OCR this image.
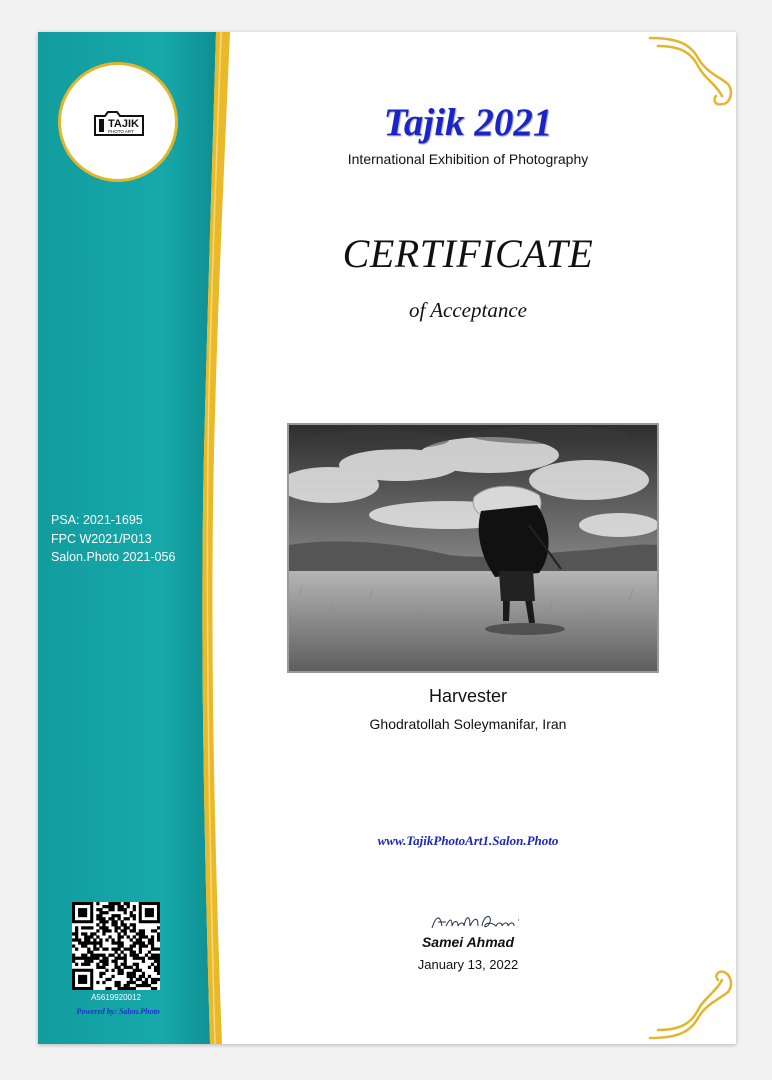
TAJIK
PHOTO ART
PSA: 2021-1695
FPC W2021/P013
Salon.Photo 2021-056
A5619920012
Powered by: Salon.Photo
Tajik 2021
International Exhibition of Photography
CERTIFICATE
of Acceptance
Harvester
Ghodratollah Soleymanifar, Iran
www.TajikPhotoArt1.Salon.Photo
Samei Ahmad
January 13, 2022
